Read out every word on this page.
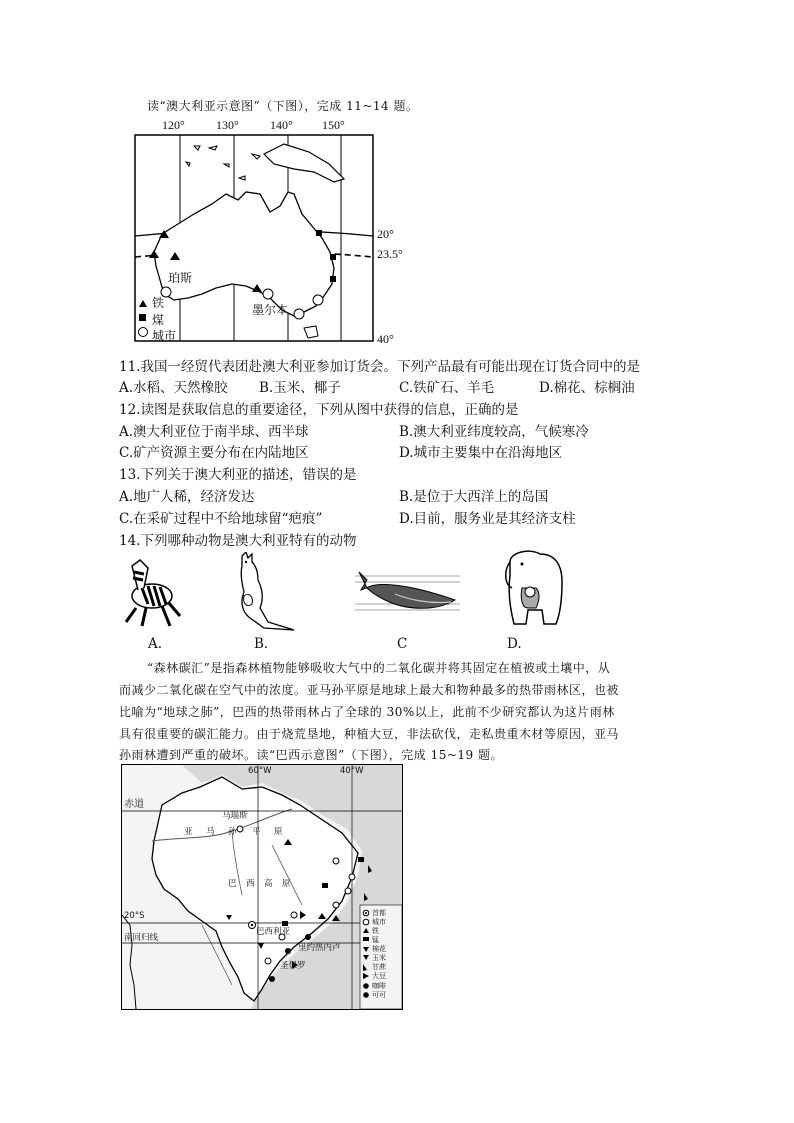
读“澳大利亚示意图”（下图），完成 11~14 题。
120°	130°	140° 150°
20°
23.5°
40°
珀斯
墨尔本
铁
煤
城市
11.我国一经贸代表团赴澳大利亚参加订货会。下列产品最有可能出现在订货合同中的是
A.水稻、天然橡胶 B.玉米、椰子	C.铁矿石、羊毛	D.棉花、棕榈油
12.读图是获取信息的重要途径，下列从图中获得的信息，正确的是
A.澳大利亚位于南半球、西半球	B.澳大利亚纬度较高，气候寒冷
C.矿产资源主要分布在内陆地区	D.城市主要集中在沿海地区
13.下列关于澳大利亚的描述，错误的是
A.地广人稀，经济发达	B.是位于大西洋上的岛国
C.在采矿过程中不给地球留“疤痕”	D.目前，服务业是其经济支柱
14.下列哪种动物是澳大利亚特有的动物
A.	B.	C	D.
“森林碳汇”是指森林植物能够吸收大气中的二氧化碳并将其固定在植被或土壤中，从
而减少二氧化碳在空气中的浓度。亚马孙平原是地球上最大和物种最多的热带雨林区，也被
比喻为“地球之肺”，巴西的热带雨林占了全球的 30%以上，此前不少研究都认为这片雨林
具有很重要的碳汇能力。由于烧荒垦地，种植大豆，非法砍伐，走私贵重木材等原因，亚马
孙雨林遭到严重的破坏。读“巴西示意图”（下图），完成 15~19 题。
60°W	40°W
赤道
20°S
南回归线
马瑙斯
亚 马 孙 平 原
巴 西 高 原
巴西利亚
里约热内卢
圣保罗
首都
城市
铁
锰
棉花
玉米
甘蔗
大豆
咖啡
可可
